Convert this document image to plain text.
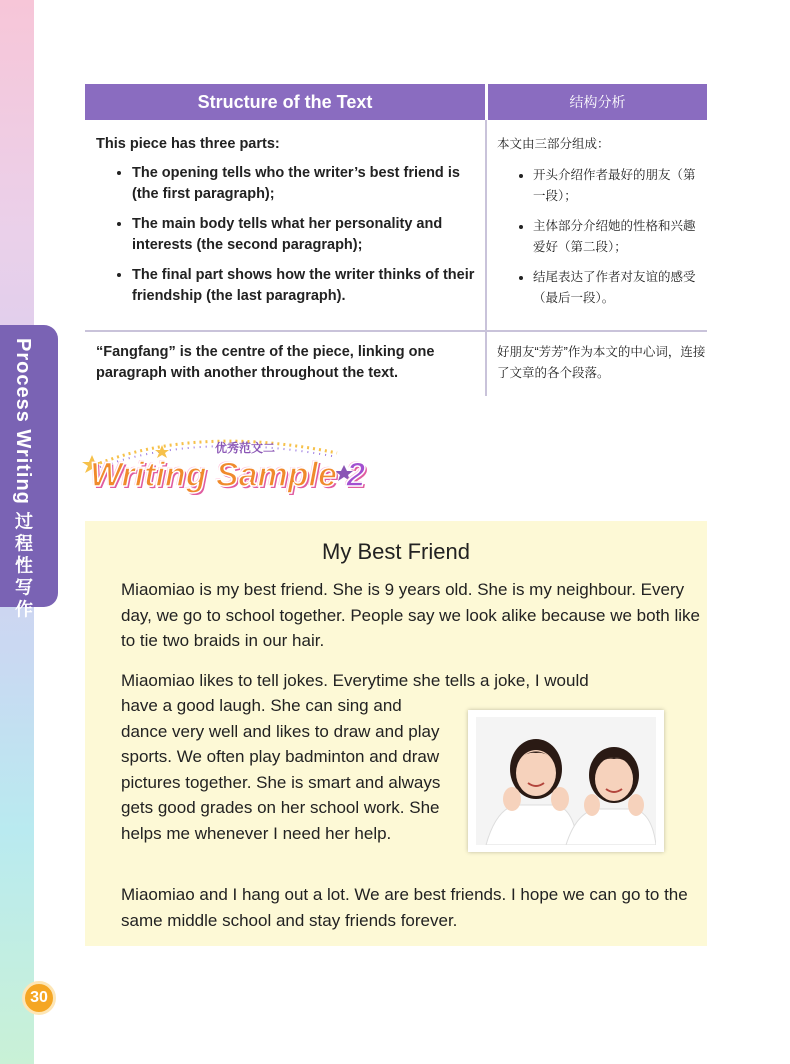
Process Writing 过程性写作
Structure of the Text	结构分析
This piece has three parts:
• The opening tells who the writer’s best friend is (the first paragraph);
• The main body tells what her personality and interests (the second paragraph);
• The final part shows how the writer thinks of their friendship (the last paragraph).
本文由三部分组成：
• 开头介绍作者最好的朋友（第一段）；
• 主体部分介绍她的性格和兴趣爱好（第二段）；
• 结尾表达了作者对友谊的感受（最后一段）。
“Fangfang” is the centre of the piece, linking one paragraph with another throughout the text.
好朋友“芳芳”作为本文的中心词，连接了文章的各个段落。
优秀范文二
Writing Sample 2
My Best Friend
Miaomiao is my best friend. She is 9 years old. She is my neighbour. Every day, we go to school together. People say we look alike because we both like to tie two braids in our hair.
Miaomiao likes to tell jokes. Everytime she tells a joke, I would
have a good laugh. She can sing and dance very well and likes to draw and play sports. We often play badminton and draw pictures together. She is smart and always gets good grades on her school work. She helps me whenever I need her help.
Miaomiao and I hang out a lot. We are best friends. I hope we can go to the same middle school and stay friends forever.
30
